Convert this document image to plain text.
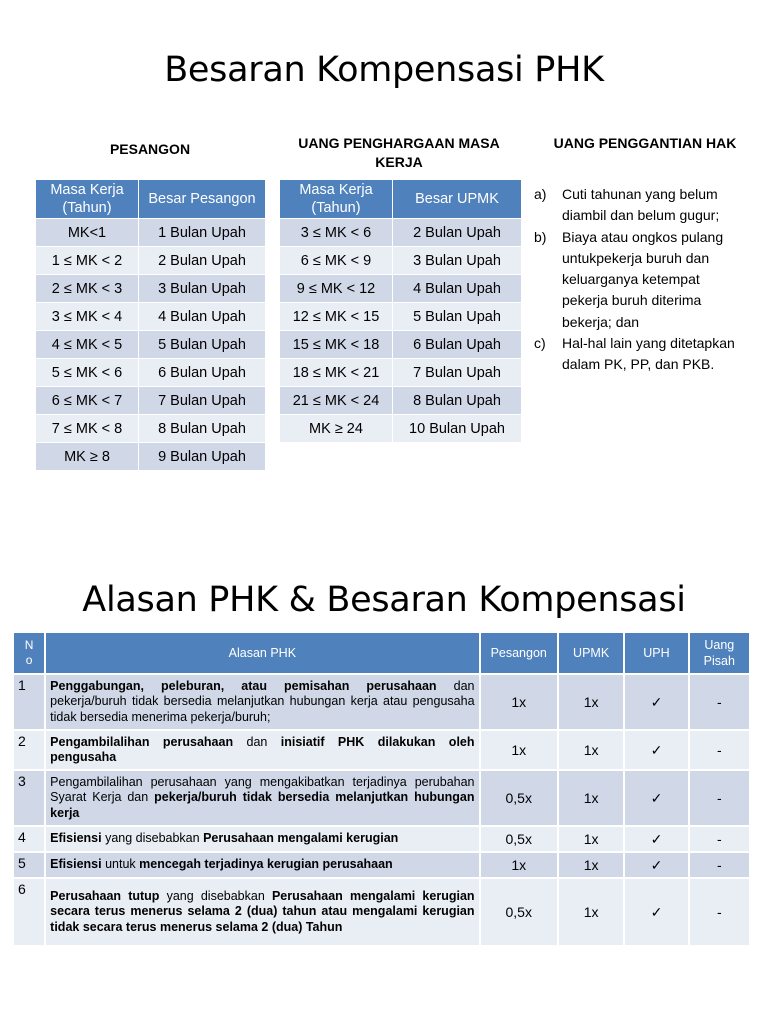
Besaran Kompensasi PHK
PESANGON	UANG PENGHARGAAN MASA KERJA
UANG PENGGANTIAN HAK
Masa Kerja (Tahun)	Besar Pesangon
MK<1	1 Bulan Upah
1 ≤ MK < 2	2 Bulan Upah
2 ≤ MK < 3	3 Bulan Upah
3 ≤ MK < 4	4 Bulan Upah
4 ≤ MK < 5	5 Bulan Upah
5 ≤ MK < 6	6 Bulan Upah
6 ≤ MK < 7	7 Bulan Upah
7 ≤ MK < 8	8 Bulan Upah
MK ≥ 8	9 Bulan Upah
Masa Kerja (Tahun)	Besar UPMK
3 ≤ MK < 6	2 Bulan Upah
6 ≤ MK < 9	3 Bulan Upah
9 ≤ MK < 12	4 Bulan Upah
12 ≤ MK < 15	5 Bulan Upah
15 ≤ MK < 18	6 Bulan Upah
18 ≤ MK < 21	7 Bulan Upah
21 ≤ MK < 24	8 Bulan Upah
MK ≥ 24	10 Bulan Upah
a) Cuti tahunan yang belum diambil dan belum gugur;
b) Biaya atau ongkos pulang untukpekerja buruh dan keluarganya ketempat pekerja buruh diterima bekerja; dan
c) Hal-hal lain yang ditetapkan dalam PK, PP, dan PKB.
Alasan PHK & Besaran Kompensasi
N
o	Alasan PHK	Pesangon	UPMK	UPH	Uang Pisah
1	Penggabungan, peleburan, atau pemisahan perusahaan dan pekerja/buruh tidak bersedia melanjutkan hubungan kerja atau pengusaha tidak bersedia menerima pekerja/buruh;	1x	1x	✓	-
2	Pengambilalihan perusahaan dan inisiatif PHK dilakukan oleh pengusaha	1x	1x	✓	-
3	Pengambilalihan perusahaan yang mengakibatkan terjadinya perubahan Syarat Kerja dan pekerja/buruh tidak bersedia melanjutkan hubungan kerja	0,5x	1x	✓	-
4	Efisiensi yang disebabkan Perusahaan mengalami kerugian	0,5x	1x	✓	-
5	Efisiensi untuk mencegah terjadinya kerugian perusahaan	1x	1x	✓	-
6	Perusahaan tutup yang disebabkan Perusahaan mengalami kerugian secara terus menerus selama 2 (dua) tahun atau mengalami kerugian tidak secara terus menerus selama 2 (dua) Tahun	0,5x	1x	✓	-
